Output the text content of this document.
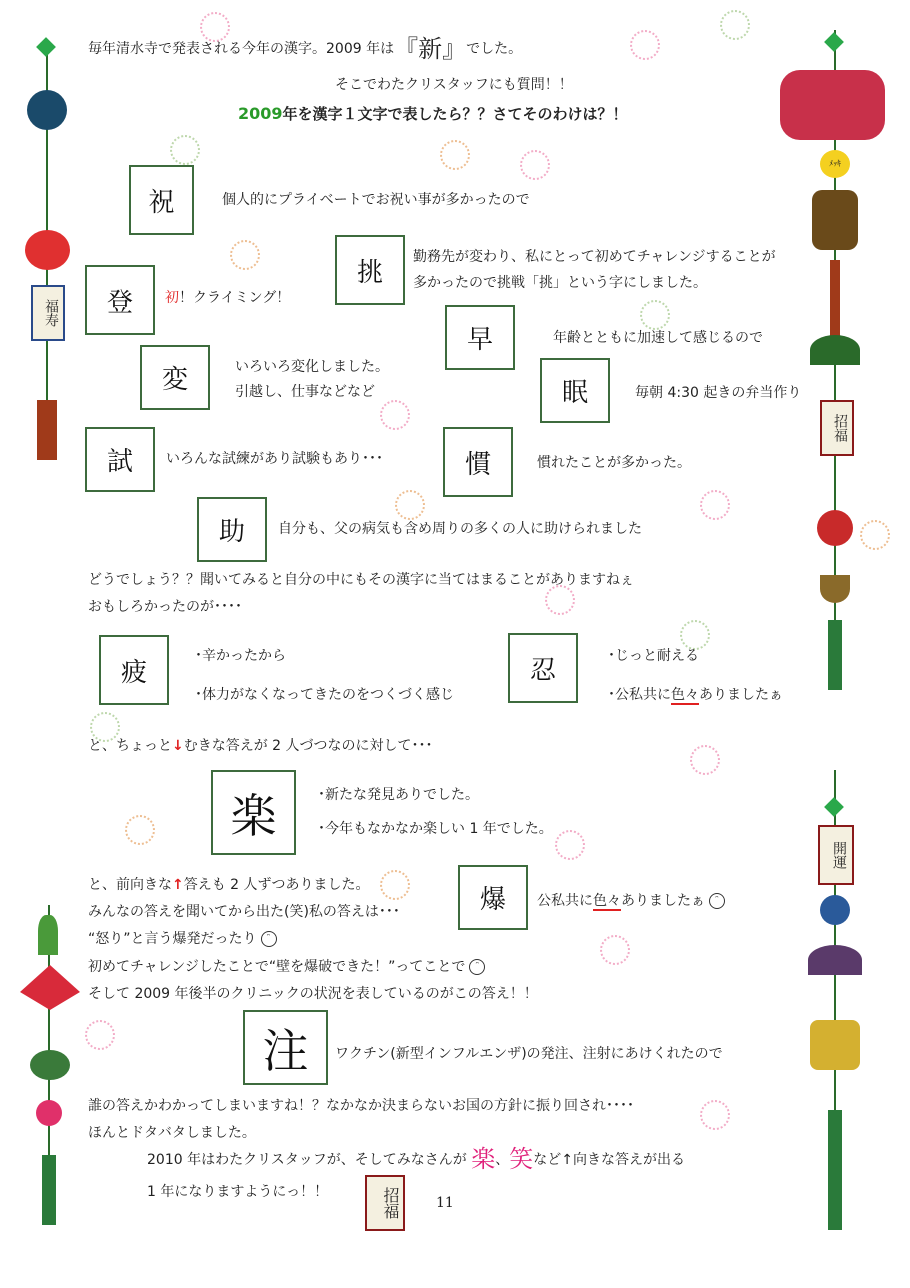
福寿
ﾒｯｷ
招福
開運
毎年清水寺で発表される今年の漢字。2009 年は『新』でした。
そこでわたクリスタッフにも質問！！
2009年を漢字１文字で表したら？？さてそのわけは？！
祝	個人的にプライベートでお祝い事が多かったので
挑
勤務先が変わり、私にとって初めてチャレンジすることが
多かったので挑戦「挑」という字にしました。
登	初！クライミング！
早	年齢とともに加速して感じるので
変	いろいろ変化しました。
引越し、仕事などなど	眠	毎朝 4:30 起きの弁当作り
試	いろんな試練があり試験もあり･･･	慣	慣れたことが多かった。
助	自分も、父の病気も含め周りの多くの人に助けられました
どうでしょう？？聞いてみると自分の中にもその漢字に当てはまることがありますねぇ
おもしろかったのが････
疲
･辛かったから
･体力がなくなってきたのをつくづく感じ
忍	･じっと耐える
･公私共に色々ありましたぁ
と、ちょっと↓むきな答えが 2 人づつなのに対して･･･
楽	･新たな発見ありでした。
･今年もなかなか楽しい 1 年でした。
と、前向きな↑答えも 2 人ずつありました。
みんなの答えを聞いてから出た(笑)私の答えは･･･	爆	公私共に色々ありましたぁ ᵔ
“怒り”と言う爆発だったり ᵔ
初めてチャレンジしたことで“壁を爆破できた！”ってことで ᵔ
そして 2009 年後半のクリニックの状況を表しているのがこの答え！！
注	ワクチン(新型インフルエンザ)の発注、注射にあけくれたので
誰の答えかわかってしまいますね！？なかなか決まらないお国の方針に振り回され････
ほんとドタバタしました。
2010 年はわたクリスタッフが、そしてみなさんが 楽、笑など↑向きな答えが出る
1 年になりますようにっ！！	招福	11
